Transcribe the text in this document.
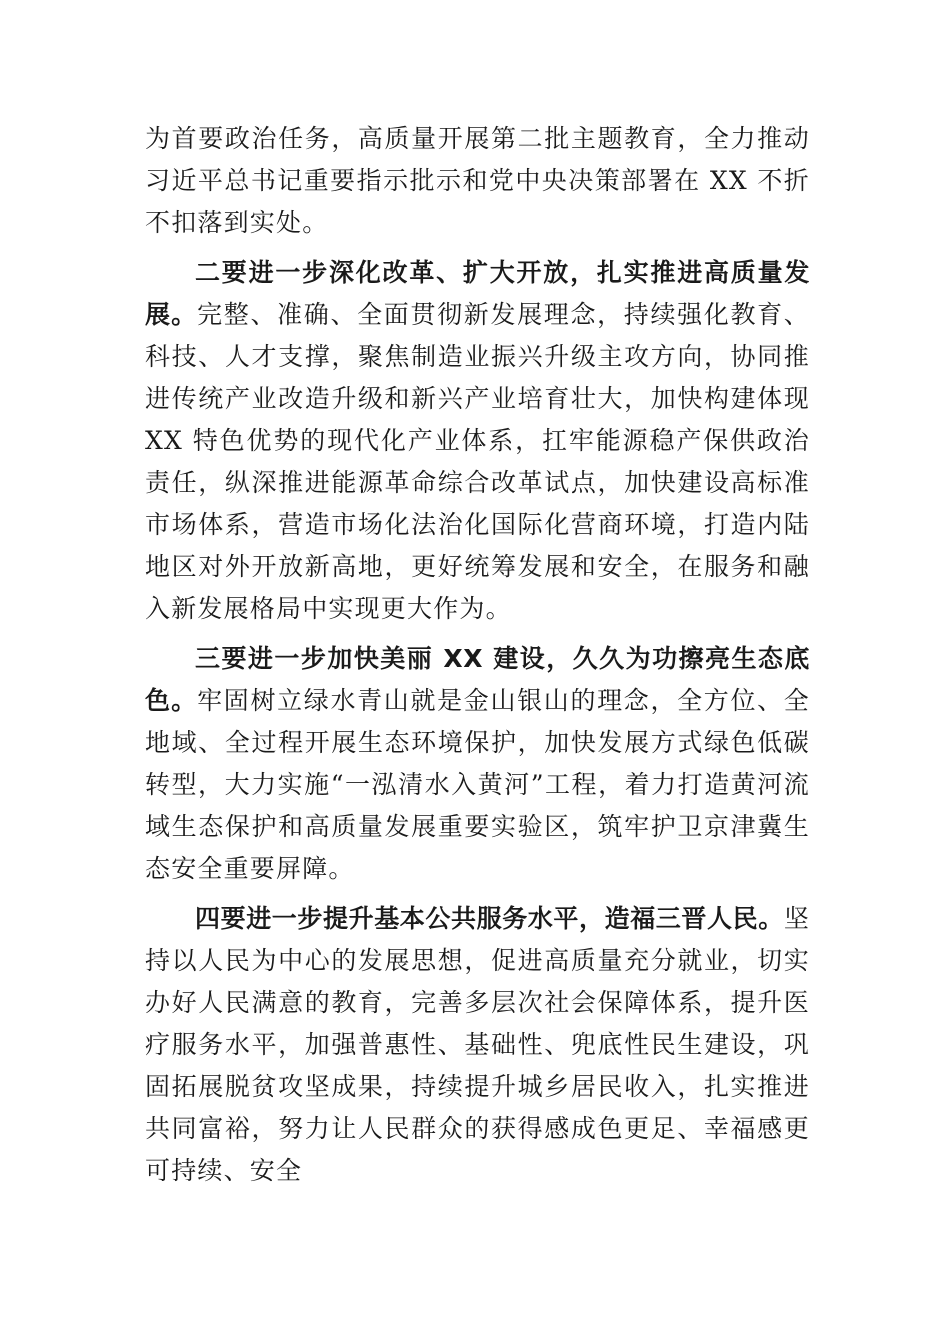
为首要政治任务，高质量开展第二批主题教育，全力推动习近平总书记重要指示批示和党中央决策部署在 XX 不折不扣落到实处。

二要进一步深化改革、扩大开放，扎实推进高质量发展。完整、准确、全面贯彻新发展理念，持续强化教育、科技、人才支撑，聚焦制造业振兴升级主攻方向，协同推进传统产业改造升级和新兴产业培育壮大，加快构建体现 XX 特色优势的现代化产业体系，扛牢能源稳产保供政治责任，纵深推进能源革命综合改革试点，加快建设高标准市场体系，营造市场化法治化国际化营商环境，打造内陆地区对外开放新高地，更好统筹发展和安全，在服务和融入新发展格局中实现更大作为。

三要进一步加快美丽 XX 建设，久久为功擦亮生态底色。牢固树立绿水青山就是金山银山的理念，全方位、全地域、全过程开展生态环境保护，加快发展方式绿色低碳转型，大力实施“一泓清水入黄河”工程，着力打造黄河流域生态保护和高质量发展重要实验区，筑牢护卫京津冀生态安全重要屏障。

四要进一步提升基本公共服务水平，造福三晋人民。坚持以人民为中心的发展思想，促进高质量充分就业，切实办好人民满意的教育，完善多层次社会保障体系，提升医疗服务水平，加强普惠性、基础性、兜底性民生建设，巩固拓展脱贫攻坚成果，持续提升城乡居民收入，扎实推进共同富裕，努力让人民群众的获得感成色更足、幸福感更可持续、安全
